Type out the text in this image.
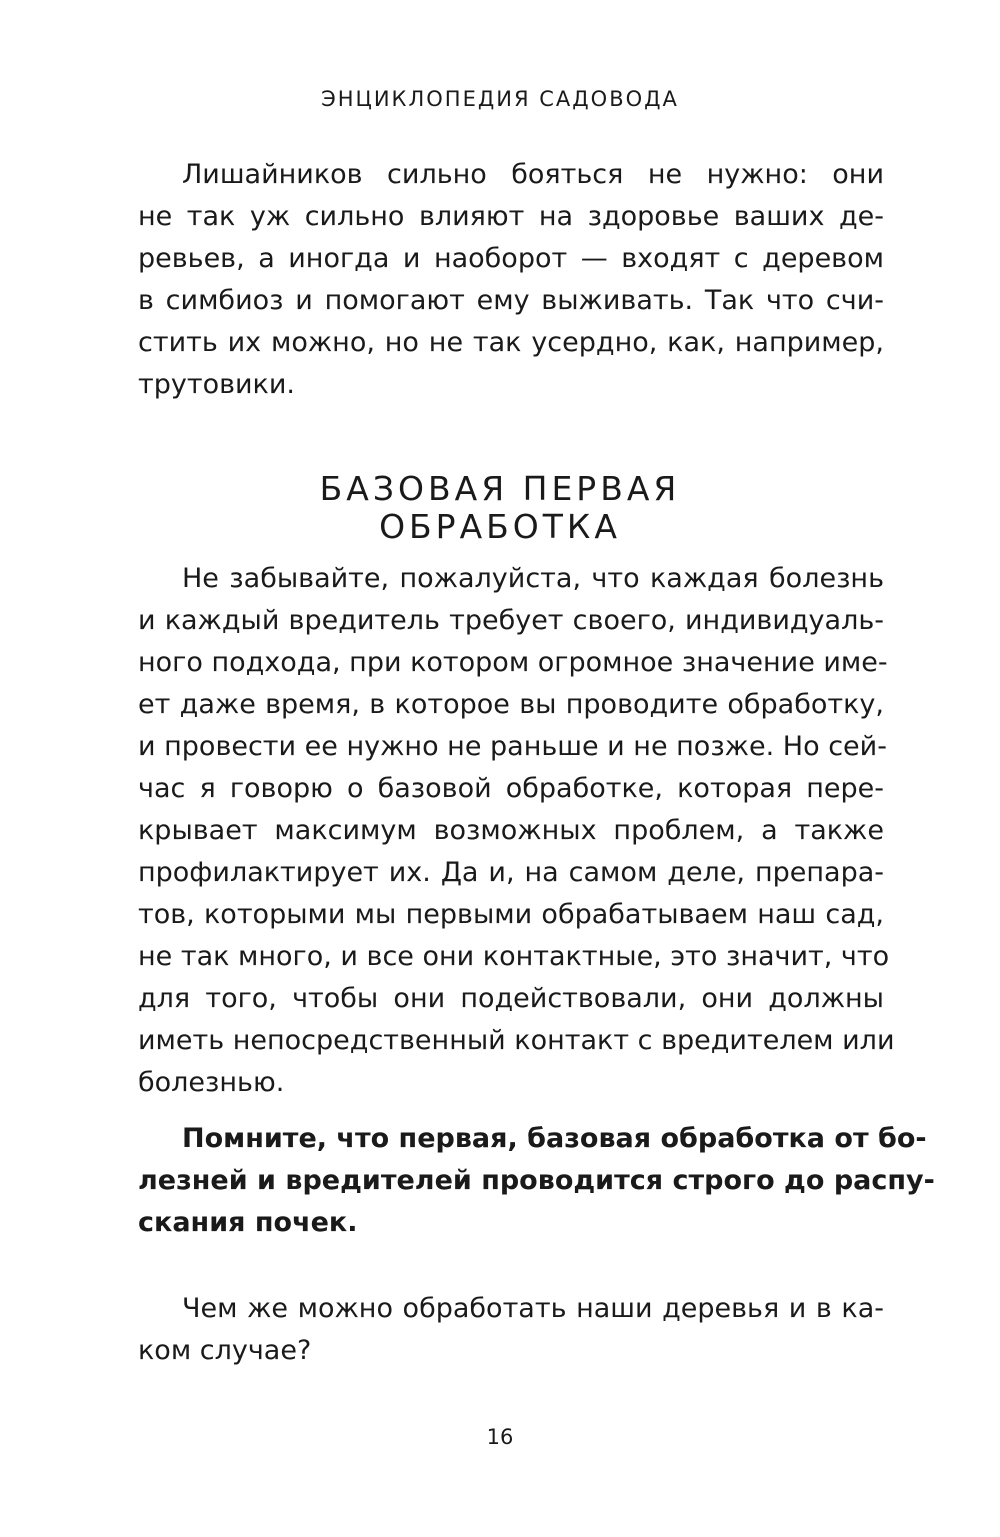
ЭНЦИКЛОПЕДИЯ САДОВОДА
Лишайников сильно бояться не нужно: они
не так уж сильно влияют на здоровье ваших де-
ревьев, а иногда и наоборот — входят с деревом
в симбиоз и помогают ему выживать. Так что счи-
стить их можно, но не так усердно, как, например,
трутовики.
БАЗОВАЯ ПЕРВАЯ
ОБРАБОТКА
Не забывайте, пожалуйста, что каждая болезнь
и каждый вредитель требует своего, индивидуаль-
ного подхода, при котором огромное значение име-
ет даже время, в которое вы проводите обработку,
и провести ее нужно не раньше и не позже. Но сей-
час я говорю о базовой обработке, которая пере-
крывает максимум возможных проблем, а также
профилактирует их. Да и, на самом деле, препара-
тов, которыми мы первыми обрабатываем наш сад,
не так много, и все они контактные, это значит, что
для того, чтобы они подействовали, они должны
иметь непосредственный контакт с вредителем или
болезнью.
Помните, что первая, базовая обработка от бо-
лезней и вредителей проводится строго до распу-
скания почек.
Чем же можно обработать наши деревья и в ка-
ком случае?
16
